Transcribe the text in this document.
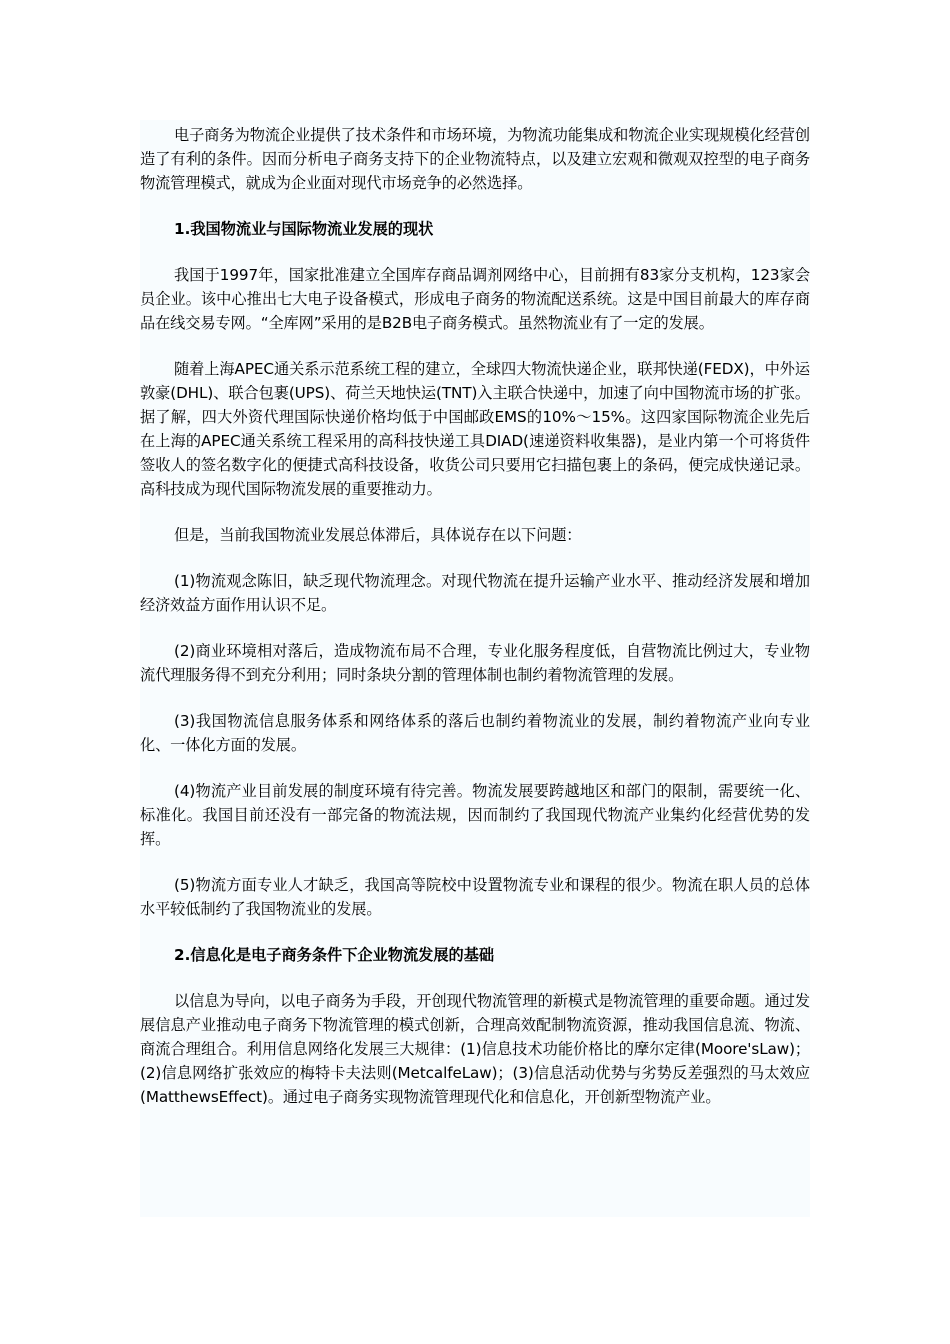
电子商务为物流企业提供了技术条件和市场环境，为物流功能集成和物流企业实现规模化经营创造了有利的条件。因而分析电子商务支持下的企业物流特点，以及建立宏观和微观双控型的电子商务物流管理模式，就成为企业面对现代市场竞争的必然选择。

1.我国物流业与国际物流业发展的现状

我国于1997年，国家批准建立全国库存商品调剂网络中心，目前拥有83家分支机构，123家会员企业。该中心推出七大电子设备模式，形成电子商务的物流配送系统。这是中国目前最大的库存商品在线交易专网。“全库网”采用的是B2B电子商务模式。虽然物流业有了一定的发展。

随着上海APEC通关系示范系统工程的建立，全球四大物流快递企业，联邦快递(FEDX)，中外运敦豪(DHL)、联合包裹(UPS)、荷兰天地快运(TNT)入主联合快递中，加速了向中国物流市场的扩张。据了解，四大外资代理国际快递价格均低于中国邮政EMS的10%～15%。这四家国际物流企业先后在上海的APEC通关系统工程采用的高科技快递工具DIAD(速递资料收集器)，是业内第一个可将货件签收人的签名数字化的便捷式高科技设备，收货公司只要用它扫描包裹上的条码，便完成快递记录。高科技成为现代国际物流发展的重要推动力。

但是，当前我国物流业发展总体滞后，具体说存在以下问题：

(1)物流观念陈旧，缺乏现代物流理念。对现代物流在提升运输产业水平、推动经济发展和增加经济效益方面作用认识不足。

(2)商业环境相对落后，造成物流布局不合理，专业化服务程度低，自营物流比例过大，专业物流代理服务得不到充分利用；同时条块分割的管理体制也制约着物流管理的发展。

(3)我国物流信息服务体系和网络体系的落后也制约着物流业的发展，制约着物流产业向专业化、一体化方面的发展。

(4)物流产业目前发展的制度环境有待完善。物流发展要跨越地区和部门的限制，需要统一化、标准化。我国目前还没有一部完备的物流法规，因而制约了我国现代物流产业集约化经营优势的发挥。

(5)物流方面专业人才缺乏，我国高等院校中设置物流专业和课程的很少。物流在职人员的总体水平较低制约了我国物流业的发展。

2.信息化是电子商务条件下企业物流发展的基础

以信息为导向，以电子商务为手段，开创现代物流管理的新模式是物流管理的重要命题。通过发展信息产业推动电子商务下物流管理的模式创新，合理高效配制物流资源，推动我国信息流、物流、商流合理组合。利用信息网络化发展三大规律：(1)信息技术功能价格比的摩尔定律(Moore'sLaw)；(2)信息网络扩张效应的梅特卡夫法则(MetcalfeLaw)；(3)信息活动优势与劣势反差强烈的马太效应(MatthewsEffect)。通过电子商务实现物流管理现代化和信息化，开创新型物流产业。
